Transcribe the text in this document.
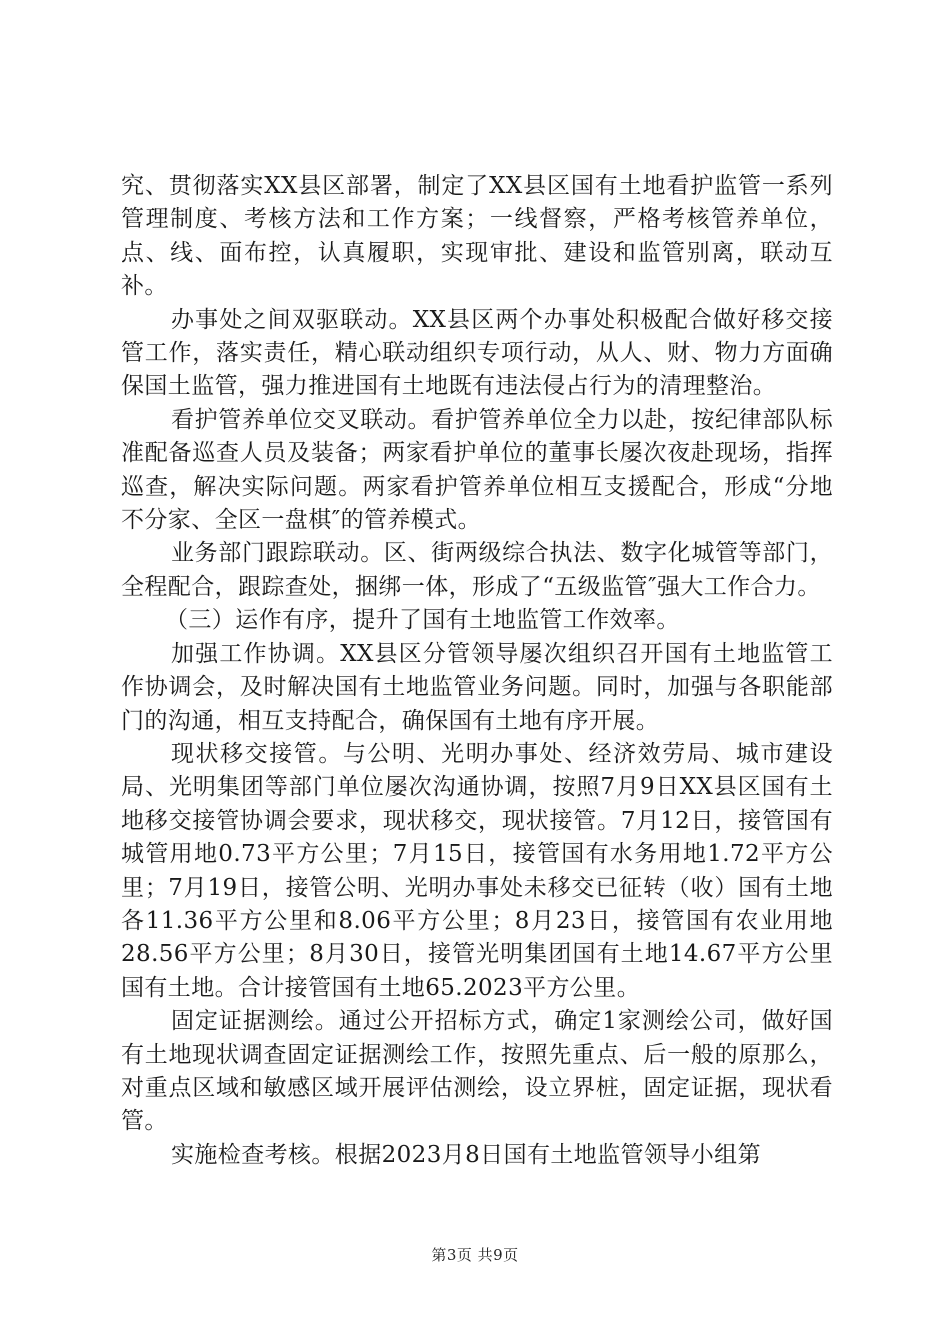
究、贯彻落实XX县区部署，制定了XX县区国有土地看护监管一系列管理制度、考核方法和工作方案；一线督察，严格考核管养单位，点、线、面布控，认真履职，实现审批、建设和监管别离，联动互补。

办事处之间双驱联动。XX县区两个办事处积极配合做好移交接管工作，落实责任，精心联动组织专项行动，从人、财、物力方面确保国土监管，强力推进国有土地既有违法侵占行为的清理整治。

看护管养单位交叉联动。看护管养单位全力以赴，按纪律部队标准配备巡查人员及装备；两家看护单位的董事长屡次夜赴现场，指挥巡查，解决实际问题。两家看护管养单位相互支援配合，形成“分地不分家、全区一盘棋″的管养模式。

业务部门跟踪联动。区、街两级综合执法、数字化城管等部门，全程配合，跟踪查处，捆绑一体，形成了“五级监管″强大工作合力。

（三）运作有序，提升了国有土地监管工作效率。

加强工作协调。XX县区分管领导屡次组织召开国有土地监管工作协调会，及时解决国有土地监管业务问题。同时，加强与各职能部门的沟通，相互支持配合，确保国有土地有序开展。

现状移交接管。与公明、光明办事处、经济效劳局、城市建设局、光明集团等部门单位屡次沟通协调，按照7月9日XX县区国有土地移交接管协调会要求，现状移交，现状接管。7月12日，接管国有城管用地0.73平方公里；7月15日，接管国有水务用地1.72平方公里；7月19日，接管公明、光明办事处未移交已征转（收）国有土地各11.36平方公里和8.06平方公里；8月23日，接管国有农业用地28.56平方公里；8月30日，接管光明集团国有土地14.67平方公里国有土地。合计接管国有土地65.2023平方公里。

固定证据测绘。通过公开招标方式，确定1家测绘公司，做好国有土地现状调查固定证据测绘工作，按照先重点、后一般的原那么，对重点区域和敏感区域开展评估测绘，设立界桩，固定证据，现状看管。

实施检查考核。根据2023月8日国有土地监管领导小组第

第3页 共9页
